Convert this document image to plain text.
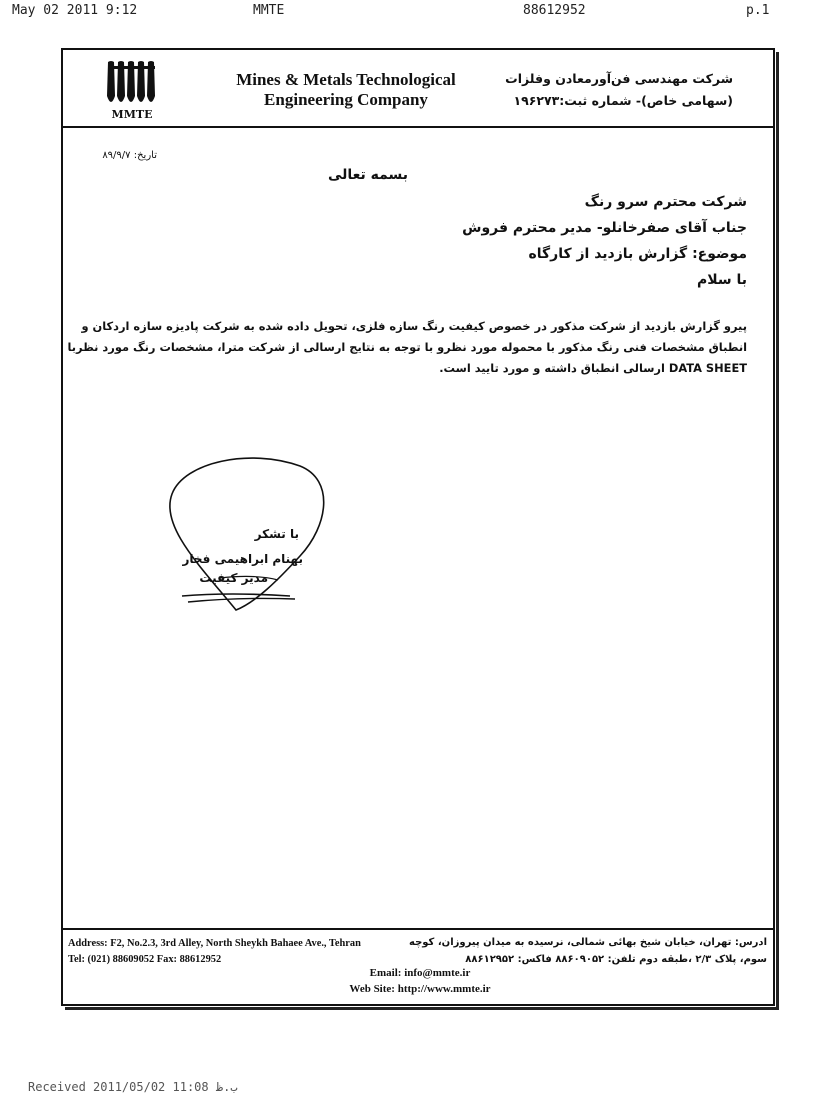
May 02 2011 9:12	MMTE	88612952	p.1
MMTE
Mines & Metals Technological
Engineering Company
شرکت مهندسی فن‌آورمعادن وفلزات
(سهامی خاص)- شماره ثبت:۱۹۶۲۷۳
تاریخ: ۸۹/۹/۷
بسمه تعالی
شرکت محترم سرو رنگ
جناب آقای صفرخانلو- مدیر محترم فروش
موضوع: گزارش بازدید از کارگاه
با سلام
پیرو گزارش بازدید از شرکت مذکور در خصوص کیفیت رنگ سازه فلزی، تحویل داده شده به شرکت پادیزه سازه اردکان و
انطباق مشخصات فنی رنگ مذکور با محموله مورد نظرو با توجه به نتایج ارسالی از شرکت مترا، مشخصات رنگ مورد نظربا
DATA SHEET ارسالی انطباق داشته و مورد تایید است.
با تشکر
بهنام ابراهیمی فخار
مدیر کیفیت
Address: F2, No.2.3, 3rd Alley, North Sheykh Bahaee Ave., Tehran
Tel: (021) 88609052 Fax: 88612952
ادرس: تهران، خیابان شیخ بهائی شمالی، نرسیده به میدان پیروزان، کوچه
سوم، پلاک ۲/۳ ،طبقه دوم تلفن: ۸۸۶۰۹۰۵۲ فاکس: ۸۸۶۱۲۹۵۲
Email: info@mmte.ir
Web Site: http://www.mmte.ir
Received 2011/05/02 11:08 ب.ظ
